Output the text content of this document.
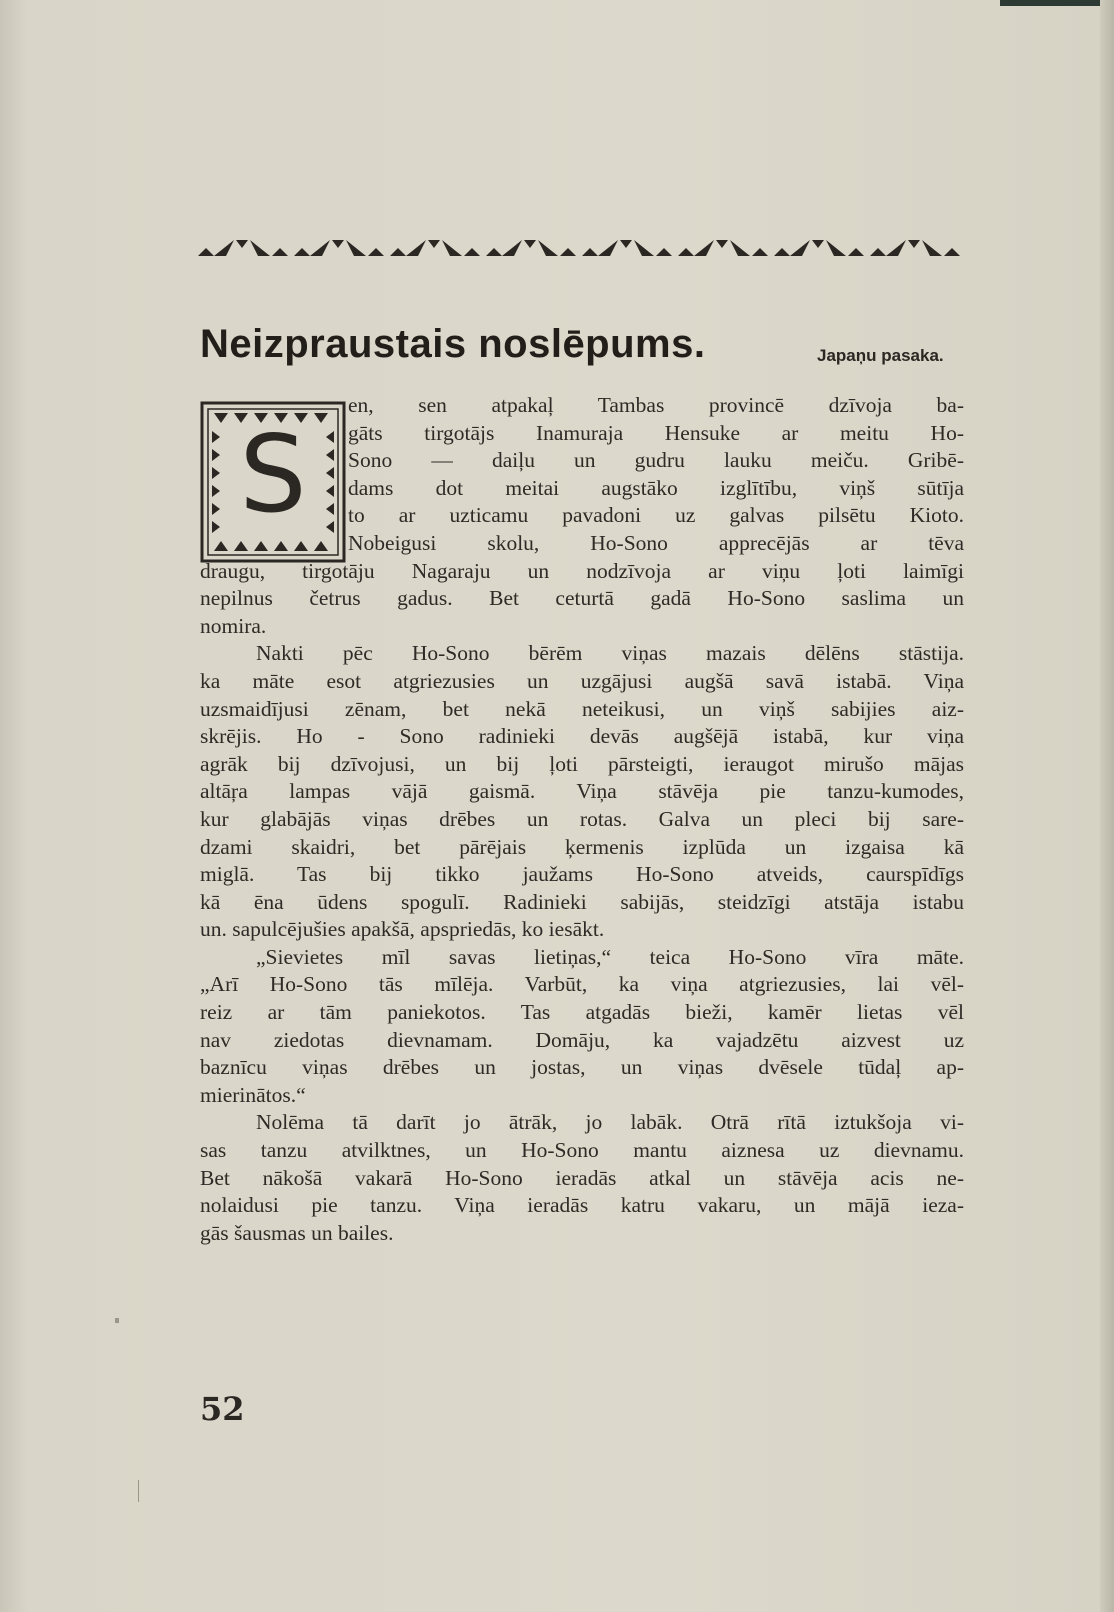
Neizpraustais noslēpums.	Japaņu pasaka.
S
en, sen atpakaļ Tambas provincē dzīvoja ba-
gāts tirgotājs Inamuraja Hensuke ar meitu Ho-
Sono — daiļu un gudru lauku meiču. Gribē-
dams dot meitai augstāko izglītību, viņš sūtīja
to ar uzticamu pavadoni uz galvas pilsētu Kioto.
Nobeigusi skolu, Ho-Sono apprecējās ar tēva
draugu, tirgotāju Nagaraju un nodzīvoja ar viņu ļoti laimīgi
nepilnus četrus gadus. Bet ceturtā gadā Ho-Sono saslima un
nomira.
Nakti pēc Ho-Sono bērēm viņas mazais dēlēns stāstija.
ka māte esot atgriezusies un uzgājusi augšā savā istabā. Viņa
uzsmaidījusi zēnam, bet nekā neteikusi, un viņš sabijies aiz-
skrējis. Ho - Sono radinieki devās augšējā istabā, kur viņa
agrāk bij dzīvojusi, un bij ļoti pārsteigti, ieraugot mirušo mājas
altāŗa lampas vājā gaismā. Viņa stāvēja pie tanzu-kumodes,
kur glabājās viņas drēbes un rotas. Galva un pleci bij sare-
dzami skaidri, bet pārējais ķermenis izplūda un izgaisa kā
miglā. Tas bij tikko jaužams Ho-Sono atveids, caurspīdīgs
kā ēna ūdens spogulī. Radinieki sabijās, steidzīgi atstāja istabu
un. sapulcējušies apakšā, apspriedās, ko iesākt.
„Sievietes mīl savas lietiņas,“ teica Ho-Sono vīra māte.
„Arī Ho-Sono tās mīlēja. Varbūt, ka viņa atgriezusies, lai vēl-
reiz ar tām paniekotos. Tas atgadās bieži, kamēr lietas vēl
nav ziedotas dievnamam. Domāju, ka vajadzētu aizvest uz
baznīcu viņas drēbes un jostas, un viņas dvēsele tūdaļ ap-
mierinātos.“
Nolēma tā darīt jo ātrāk, jo labāk. Otrā rītā iztukšoja vi-
sas tanzu atvilktnes, un Ho-Sono mantu aiznesa uz dievnamu.
Bet nākošā vakarā Ho-Sono ieradās atkal un stāvēja acis ne-
nolaidusi pie tanzu. Viņa ieradās katru vakaru, un mājā ieza-
gās šausmas un bailes.
52
